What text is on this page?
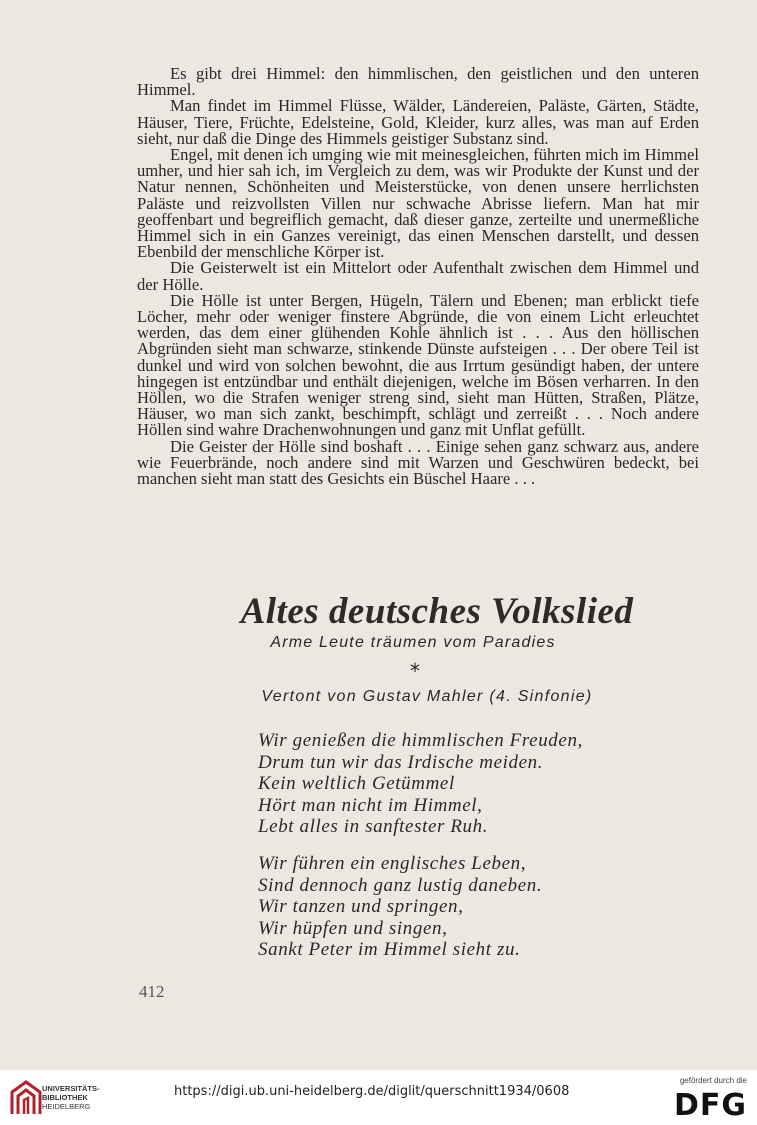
Es gibt drei Himmel: den himmlischen, den geistlichen und den unteren Himmel.

Man findet im Himmel Flüsse, Wälder, Ländereien, Paläste, Gärten, Städte, Häuser, Tiere, Früchte, Edelsteine, Gold, Kleider, kurz alles, was man auf Erden sieht, nur daß die Dinge des Himmels geistiger Substanz sind.

Engel, mit denen ich umging wie mit meinesgleichen, führten mich im Himmel umher, und hier sah ich, im Vergleich zu dem, was wir Produkte der Kunst und der Natur nennen, Schönheiten und Meisterstücke, von denen unsere herrlichsten Paläste und reizvollsten Villen nur schwache Abrisse liefern. Man hat mir geoffenbart und begreiflich gemacht, daß dieser ganze, zerteilte und unermeßliche Himmel sich in ein Ganzes vereinigt, das einen Menschen darstellt, und dessen Ebenbild der menschliche Körper ist.

Die Geisterwelt ist ein Mittelort oder Aufenthalt zwischen dem Himmel und der Hölle.

Die Hölle ist unter Bergen, Hügeln, Tälern und Ebenen; man erblickt tiefe Löcher, mehr oder weniger finstere Abgründe, die von einem Licht erleuchtet werden, das dem einer glühenden Kohle ähnlich ist . . . Aus den höllischen Abgründen sieht man schwarze, stinkende Dünste aufsteigen . . . Der obere Teil ist dunkel und wird von solchen bewohnt, die aus Irrtum gesündigt haben, der untere hingegen ist entzündbar und enthält diejenigen, welche im Bösen verharren. In den Höllen, wo die Strafen weniger streng sind, sieht man Hütten, Straßen, Plätze, Häuser, wo man sich zankt, beschimpft, schlägt und zerreißt . . . Noch andere Höllen sind wahre Drachenwohnungen und ganz mit Unflat gefüllt.

Die Geister der Hölle sind boshaft . . . Einige sehen ganz schwarz aus, andere wie Feuerbrände, noch andere sind mit Warzen und Geschwüren bedeckt, bei manchen sieht man statt des Gesichts ein Büschel Haare . . .

Altes deutsches Volkslied
Arme Leute träumen vom Paradies
*
Vertont von Gustav Mahler (4. Sinfonie)
Wir genießen die himmlischen Freuden,
Drum tun wir das Irdische meiden.
Kein weltlich Getümmel
Hört man nicht im Himmel,
Lebt alles in sanftester Ruh.
Wir führen ein englisches Leben,
Sind dennoch ganz lustig daneben.
Wir tanzen und springen,
Wir hüpfen und singen,
Sankt Peter im Himmel sieht zu.
412
UNIVERSITÄTS-
BIBLIOTHEK
HEIDELBERG
https://digi.ub.uni-heidelberg.de/diglit/querschnitt1934/0608
gefördert durch die
DFG
